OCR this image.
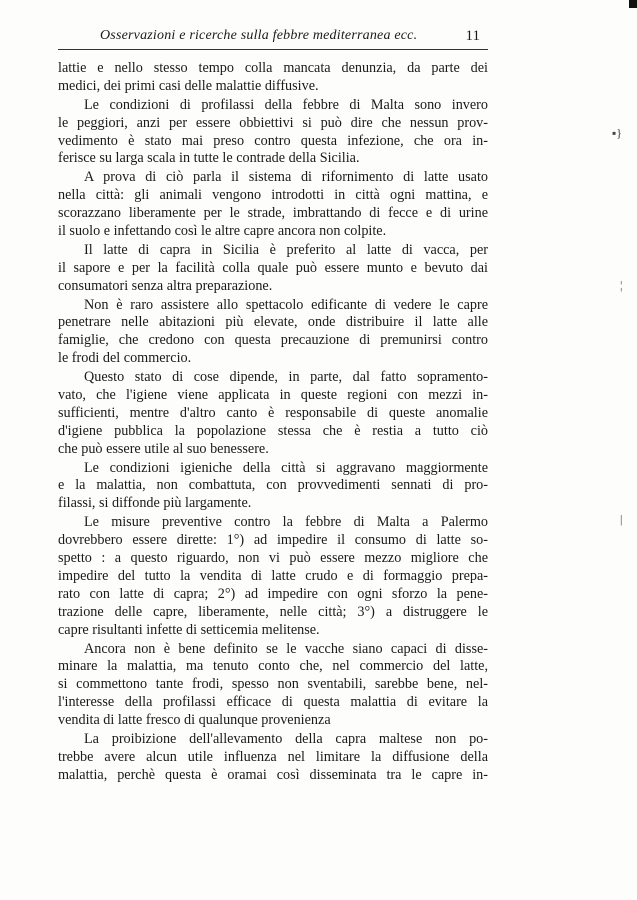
Osservazioni e ricerche sulla febbre mediterranea ecc.	11
lattie e nello stesso tempo colla mancata denunzia, da parte dei
medici, dei primi casi delle malattie diffusive.
Le condizioni di profilassi della febbre di Malta sono invero
le peggiori, anzi per essere obbiettivi si può dire che nessun prov-
vedimento è stato mai preso contro questa infezione, che ora in-
ferisce su larga scala in tutte le contrade della Sicilia.
A prova di ciò parla il sistema di rifornimento di latte usato
nella città: gli animali vengono introdotti in città ogni mattina, e
scorazzano liberamente per le strade, imbrattando di fecce e di urine
il suolo e infettando così le altre capre ancora non colpite.
Il latte di capra in Sicilia è preferito al latte di vacca, per
il sapore e per la facilità colla quale può essere munto e bevuto dai
consumatori senza altra preparazione.
Non è raro assistere allo spettacolo edificante di vedere le capre
penetrare nelle abitazioni più elevate, onde distribuire il latte alle
famiglie, che credono con questa precauzione di premunirsi contro
le frodi del commercio.
Questo stato di cose dipende, in parte, dal fatto sopramento-
vato, che l'igiene viene applicata in queste regioni con mezzi in-
sufficienti, mentre d'altro canto è responsabile di queste anomalie
d'igiene pubblica la popolazione stessa che è restia a tutto ciò
che può essere utile al suo benessere.
Le condizioni igieniche della città si aggravano maggiormente
e la malattia, non combattuta, con provvedimenti sennati di pro-
filassi, si diffonde più largamente.
Le misure preventive contro la febbre di Malta a Palermo
dovrebbero essere dirette: 1°) ad impedire il consumo di latte so-
spetto : a questo riguardo, non vi può essere mezzo migliore che
impedire del tutto la vendita di latte crudo e di formaggio prepa-
rato con latte di capra; 2°) ad impedire con ogni sforzo la pene-
trazione delle capre, liberamente, nelle città; 3°) a distruggere le
capre risultanti infette di setticemia melitense.
Ancora non è bene definito se le vacche siano capaci di disse-
minare la malattia, ma tenuto conto che, nel commercio del latte,
si commettono tante frodi, spesso non sventabili, sarebbe bene, nel-
l'interesse della profilassi efficace di questa malattia di evitare la
vendita di latte fresco di qualunque provenienza
La proibizione dell'allevamento della capra maltese non po-
trebbe avere alcun utile influenza nel limitare la diffusione della
malattia, perchè questa è oramai così disseminata tra le capre in-
▪}
¦
|
